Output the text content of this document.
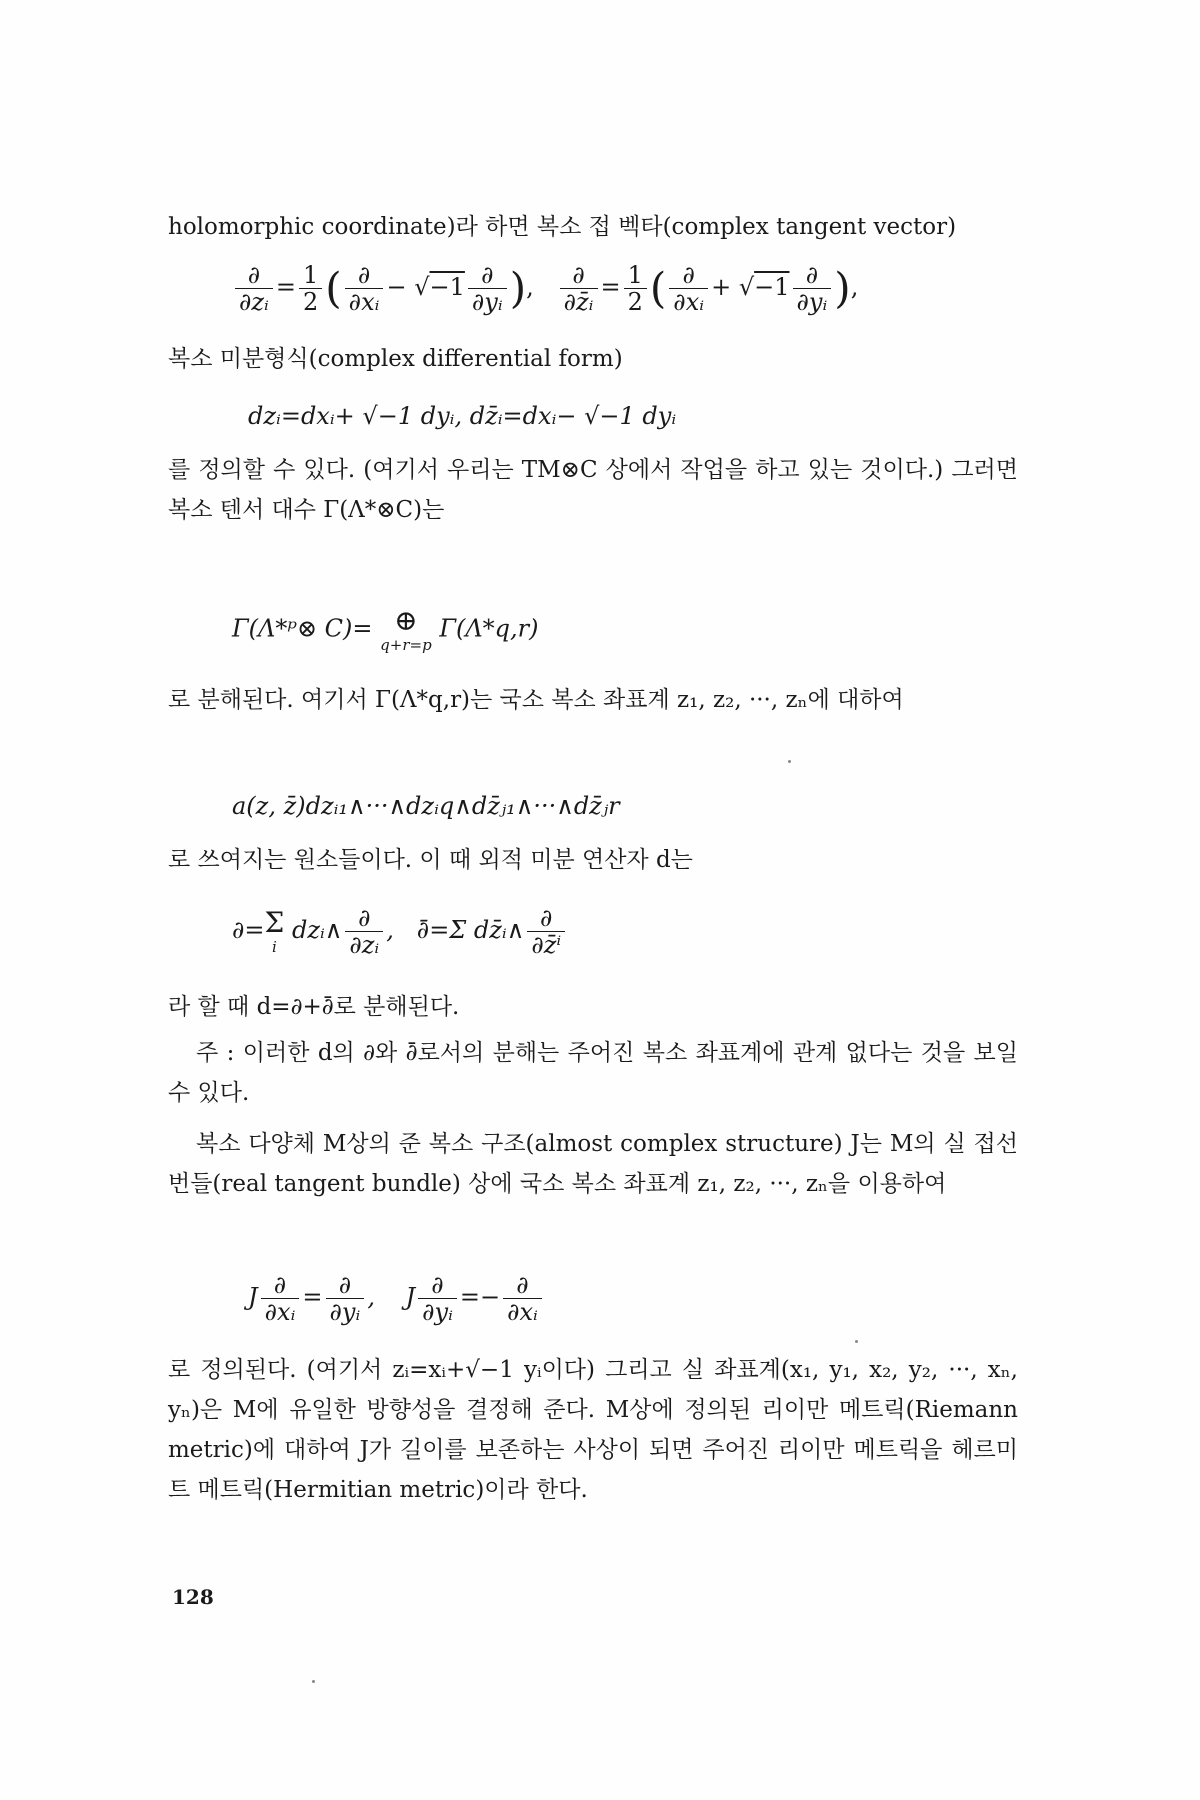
holomorphic coordinate)라 하면 복소 접 벡타(complex tangent vector)

$\frac{\partial}{\text{∂zᵢ}} = \frac{1}{2}$ ( $\frac{\partial}{\text{∂xᵢ}} - √-1 \frac{\partial}{\text{∂yᵢ}}$ ), $\frac{\partial}{\text{∂z̄ᵢ}} = \frac{1}{2}$ ( $\frac{\partial}{\text{∂xᵢ}} + √-1 \frac{\partial}{\text{∂yᵢ}}$ ),

복소 미분형식(complex differential form)

dzᵢ=dxᵢ+ √−1 dyᵢ, dz̄ᵢ=dxᵢ− √−1 dyᵢ

를 정의할 수 있다. (여기서 우리는 TM⊗C 상에서 작업을 하고 있는 것이다.) 그러면 복소 텐서 대수 Γ(Λ*⊗C)는

Γ(Λ*ᵖ⊗ C)= ⊕
q+r=p
Γ(Λ*q,r)

로 분해된다. 여기서 Γ(Λ*q,r)는 국소 복소 좌표계 z₁, z₂, ···, zₙ에 대하여

a(z, z̄)dzᵢ₁∧···∧dzᵢq∧dz̄ⱼ₁∧···∧dz̄ⱼr

로 쓰여지는 원소들이다. 이 때 외적 미분 연산자 d는

∂= Σ
i
dzᵢ∧ $\frac{\partial}{\text{∂zᵢ}}$ ,   ∂̄=Σ dz̄ᵢ∧ $\frac{\partial}{\text{∂z̄ⁱ}}$

라 할 때 d=∂+∂̄로 분해된다.

주 : 이러한 d의 ∂와 ∂̄로서의 분해는 주어진 복소 좌표계에 관계 없다는 것을 보일 수 있다.

복소 다양체 M상의 준 복소 구조(almost complex structure) J는 M의 실 접선 번들(real tangent bundle) 상에 국소 복소 좌표계 z₁, z₂, ···, zₙ을 이용하여

J $\frac{\partial}{\text{∂xᵢ}} = \frac{\partial}{\text{∂yᵢ}}$ ,    J $\frac{\partial}{\text{∂yᵢ}} =- \frac{\partial}{\text{∂xᵢ}}$

로 정의된다. (여기서 zᵢ=xᵢ+√−1 yᵢ이다) 그리고 실 좌표계(x₁, y₁, x₂, y₂, ···, xₙ, yₙ)은 M에 유일한 방향성을 결정해 준다. M상에 정의된 리이만 메트릭(Riemann metric)에 대하여 J가 길이를 보존하는 사상이 되면 주어진 리이만 메트릭을 헤르미트 메트릭(Hermitian metric)이라 한다.

128
